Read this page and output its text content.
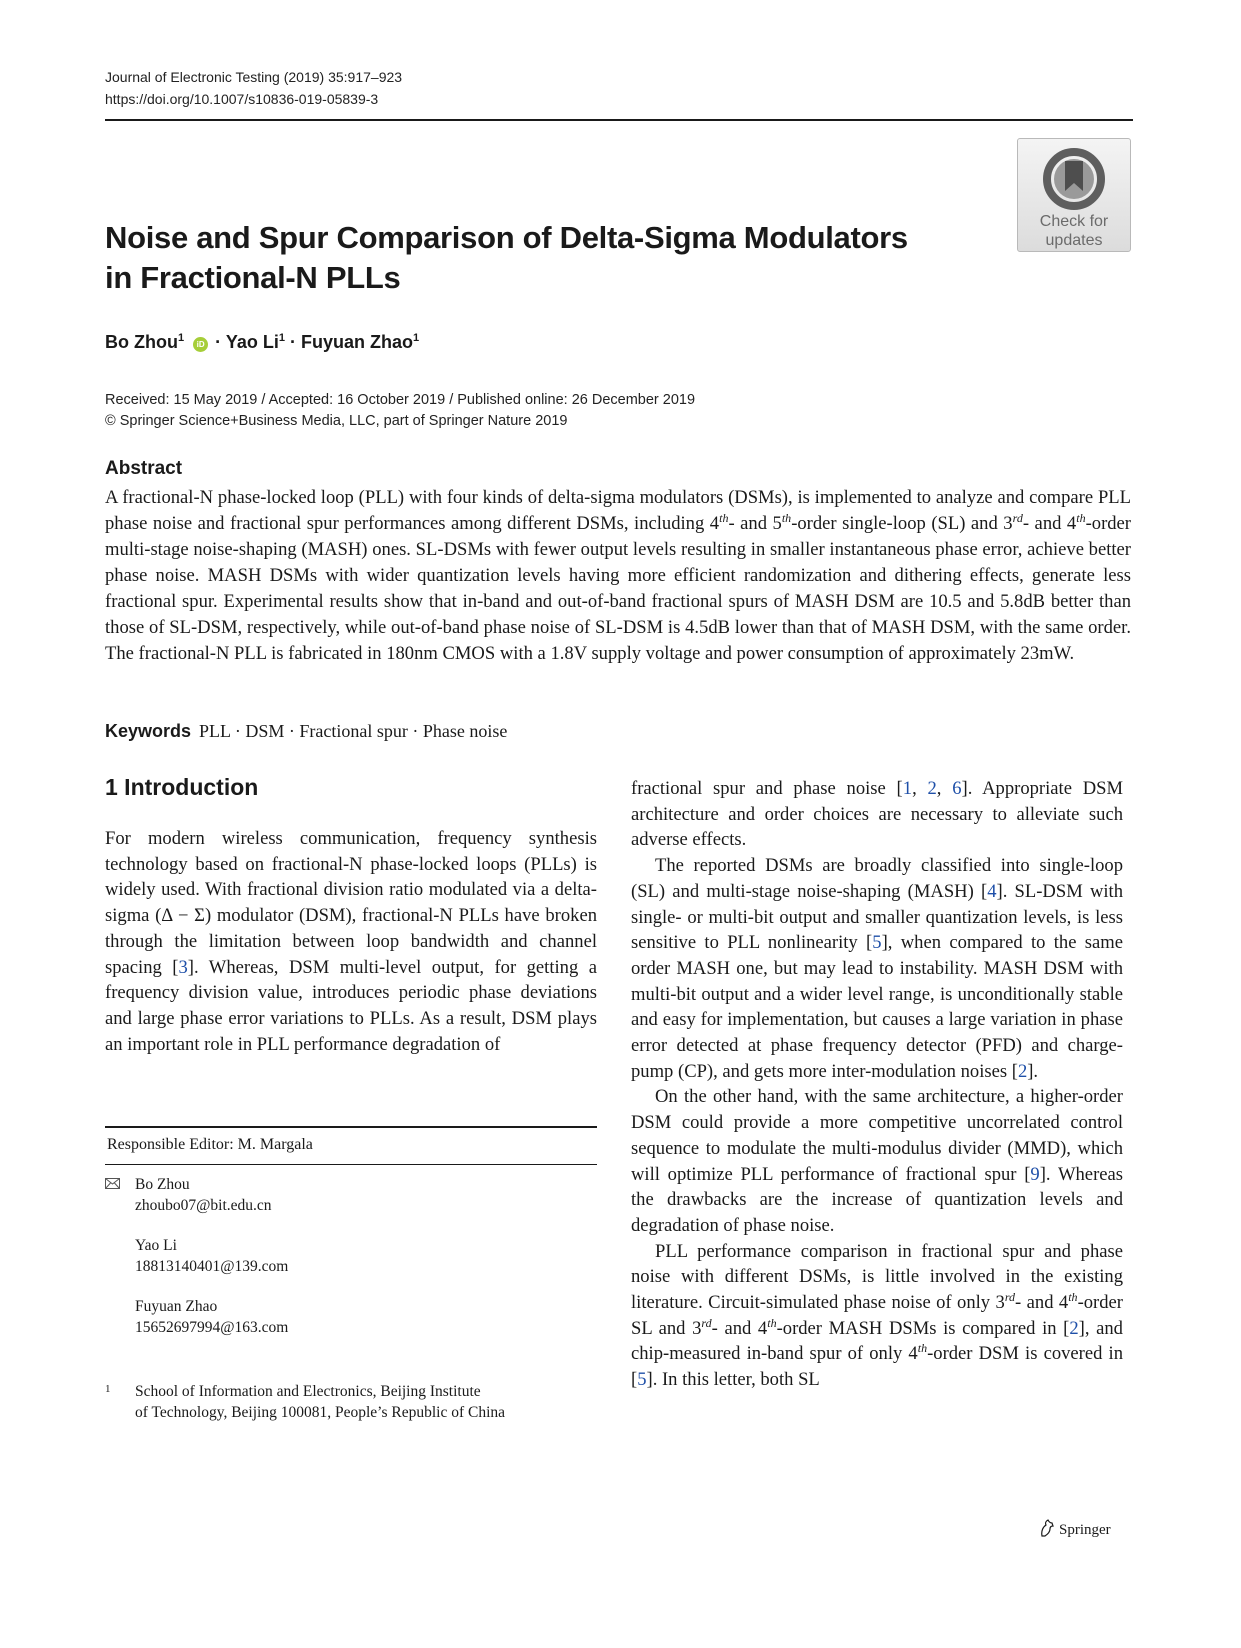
Journal of Electronic Testing (2019) 35:917–923
https://doi.org/10.1007/s10836-019-05839-3
Check for
updates
Noise and Spur Comparison of Delta-Sigma Modulators
in Fractional-N PLLs
Bo Zhou$^1$ iD · Yao $Li^1$ · Fuyuan Zhao$^1$
Received: 15 May 2019 / Accepted: 16 October 2019 / Published online: 26 December 2019
© Springer Science+Business Media, LLC, part of Springer Nature 2019
Abstract

A fractional-N phase-locked loop (PLL) with four kinds of delta-sigma modulators (DSMs), is implemented to analyze and compare PLL phase noise and fractional spur performances among different DSMs, including 4th- and 5th-order single-loop (SL) and 3rd- and 4th-order multi-stage noise-shaping (MASH) ones. SL-DSMs with fewer output levels resulting in smaller instantaneous phase error, achieve better phase noise. MASH DSMs with wider quantization levels having more efficient randomization and dithering effects, generate less fractional spur. Experimental results show that in-band and out-of-band fractional spurs of MASH DSM are 10.5 and 5.8dB better than those of SL-DSM, respectively, while out-of-band phase noise of SL-DSM is 4.5dB lower than that of MASH DSM, with the same order. The fractional-N PLL is fabricated in 180nm CMOS with a 1.8V supply voltage and power consumption of approximately 23mW.

Keywords PLL · DSM · Fractional spur · Phase noise
1 Introduction

For modern wireless communication, frequency synthesis technology based on fractional-N phase-locked loops (PLLs) is widely used. With fractional division ratio modulated via a delta-sigma (Δ − Σ) modulator (DSM), fractional-N PLLs have broken through the limitation between loop bandwidth and channel spacing [3]. Whereas, DSM multi-level output, for getting a frequency division value, introduces periodic phase deviations and large phase error variations to PLLs. As a result, DSM plays an important role in PLL performance degradation of

Responsible Editor: M. Margala
Bo Zhou
zhoubo07@bit.edu.cn
Yao Li
18813140401@139.com
Fuyuan Zhao
15652697994@163.com
1 School of Information and Electronics, Beijing Institute
of Technology, Beijing 100081, People’s Republic of China

fractional spur and phase noise [1, 2, 6]. Appropriate DSM architecture and order choices are necessary to alleviate such adverse effects.

The reported DSMs are broadly classified into single-loop (SL) and multi-stage noise-shaping (MASH) [4]. SL-DSM with single- or multi-bit output and smaller quantization levels, is less sensitive to PLL nonlinearity [5], when compared to the same order MASH one, but may lead to instability. MASH DSM with multi-bit output and a wider level range, is unconditionally stable and easy for implementation, but causes a large variation in phase error detected at phase frequency detector (PFD) and charge-pump (CP), and gets more inter-modulation noises [2].

On the other hand, with the same architecture, a higher-order DSM could provide a more competitive uncorrelated control sequence to modulate the multi-modulus divider (MMD), which will optimize PLL performance of fractional spur [9]. Whereas the drawbacks are the increase of quantization levels and degradation of phase noise.

PLL performance comparison in fractional spur and phase noise with different DSMs, is little involved in the existing literature. Circuit-simulated phase noise of only 3rd- and 4th-order SL and 3rd- and 4th-order MASH DSMs is compared in [2], and chip-measured in-band spur of only 4th-order DSM is covered in [5]. In this letter, both SL

Springer
